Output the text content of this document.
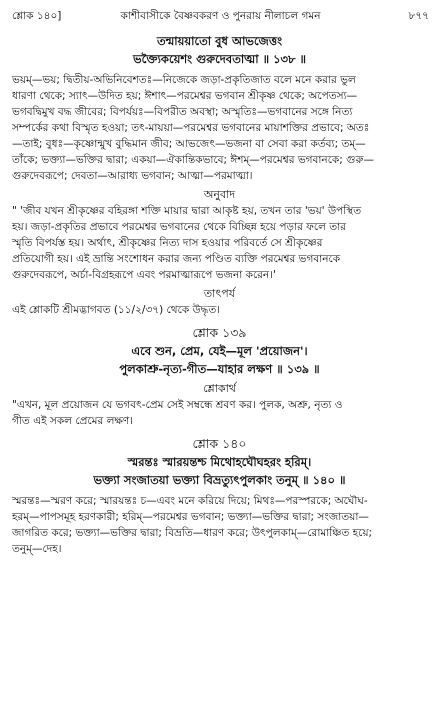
শ্লোক ১৪০]	কাশীবাসীকে বৈষ্ণবকরণ ও পুনরায় নীলাচল গমন	৮৭৭

তন্মায়য়াতো বুধ আভজেত্তং

ভক্ত্যৈকয়েশং গুরুদেবতাত্মা ॥ ১৩৮ ॥

ভয়ম্—ভয়; দ্বিতীয়-অভিনিবেশতঃ—নিজেকে জড়া-প্রকৃতিজাত বলে মনে করার ভুল

ধারণা থেকে; স্যাৎ—উদিত হয়; ঈশাৎ—পরমেশ্বর ভগবান শ্রীকৃষ্ণ থেকে; অপেতস্য—

ভগবদ্বিমুখ বদ্ধ জীবের; বিপর্যয়ঃ—বিপরীত অবস্থা; অস্মৃতিঃ—ভগবানের সঙ্গে নিত্য

সম্পর্কের কথা বিস্মৃত হওয়া; তৎ-মায়য়া—পরমেশ্বর ভগবানের মায়াশক্তির প্রভাবে; অতঃ

—তাই; বুধঃ—কৃষ্ণোন্মুখ বুদ্ধিমান জীব; আভজেৎ—ভজনা বা সেবা করা কর্তব্য; তম্—

তাঁকে; ভক্ত্যা—ভক্তির দ্বারা; একয়া—ঐকান্তিকভাবে; ঈশম্—পরমেশ্বর ভগবানকে; গুরু—

গুরুদেবরূপে; দেবতা—আরাধ্য ভগবান; আত্মা—পরমাত্মা।

অনুবাদ

" 'জীব যখন শ্রীকৃষ্ণের বহিরঙ্গা শক্তি মায়ার দ্বারা আকৃষ্ট হয়, তখন তার 'ভয়' উপস্থিত

হয়। জড়া-প্রকৃতির প্রভাবে পরমেশ্বর ভগবানের থেকে বিচ্ছিন্ন হয়ে পড়ার ফলে তার

স্মৃতি বিপর্যস্ত হয়। অর্থাৎ, শ্রীকৃষ্ণের নিত্য দাস হওয়ার পরিবর্তে সে শ্রীকৃষ্ণের

প্রতিযোগী হয়। এই ভ্রান্তি সংশোধন করার জন্য পণ্ডিত ব্যক্তি পরমেশ্বর ভগবানকে

গুরুদেবরূপে, অর্চা-বিগ্রহরূপে এবং পরমাত্মারূপে ভজনা করেন।'

তাৎপর্য

এই শ্লোকটি শ্রীমদ্ভাগবত (১১/২/৩৭) থেকে উদ্ধৃত।

শ্লোক ১৩৯

এবে শুন, প্রেম, যেই—মূল 'প্রয়োজন'।

পুলকাশ্রু-নৃত্য-গীত—যাহার লক্ষণ ॥ ১৩৯ ॥

শ্লোকার্থ

"এখন, মূল প্রয়োজন যে ভগবৎ-প্রেম সেই সম্বন্ধে শ্রবণ কর। পুলক, অশ্রু, নৃত্য ও

গীত এই সকল প্রেমের লক্ষণ।

শ্লোক ১৪০

স্মরন্তঃ স্মারয়ন্তশ্চ মিথোহঘৌঘহরং হরিম্।

ভক্ত্যা সংজাতয়া ভক্ত্যা বিভ্রত্যুৎপুলকাং তনুম্ ॥ ১৪০ ॥

স্মরন্তঃ—স্মরণ করে; স্মারয়ন্তঃ চ—এবং মনে করিয়ে দিয়ে; মিথঃ—পরস্পরকে; অঘৌঘ-

হরম্—পাপসমূহ হরণকারী; হরিম্—পরমেশ্বর ভগবান; ভক্ত্যা—ভক্তির দ্বারা; সংজাতয়া—

জাগরিত করে; ভক্ত্যা—ভক্তির দ্বারা; বিভ্রতি—ধারণ করে; উৎপুলকাম্—রোমাঞ্চিত হয়ে;

তনুম্—দেহ।
